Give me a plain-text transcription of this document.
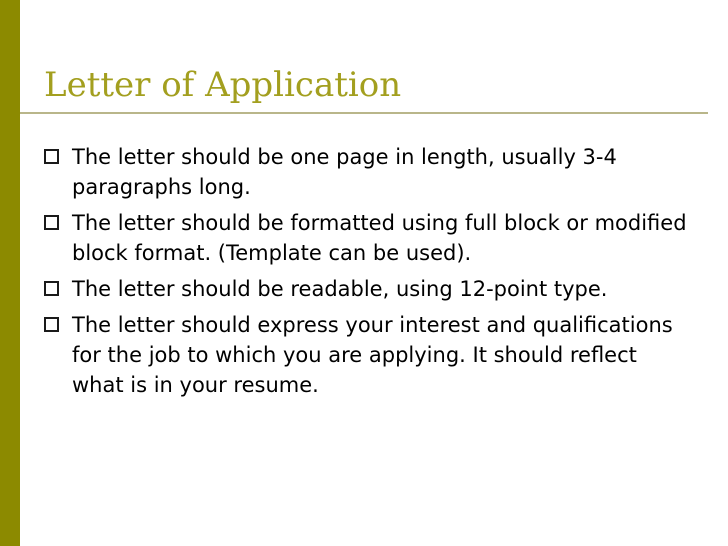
Letter of Application
The letter should be one page in length, usually 3-4 paragraphs long.
The letter should be formatted using full block or modified block format. (Template can be used).
The letter should be readable, using 12-point type.
The letter should express your interest and qualifications for the job to which you are applying. It should reflect what is in your resume.
